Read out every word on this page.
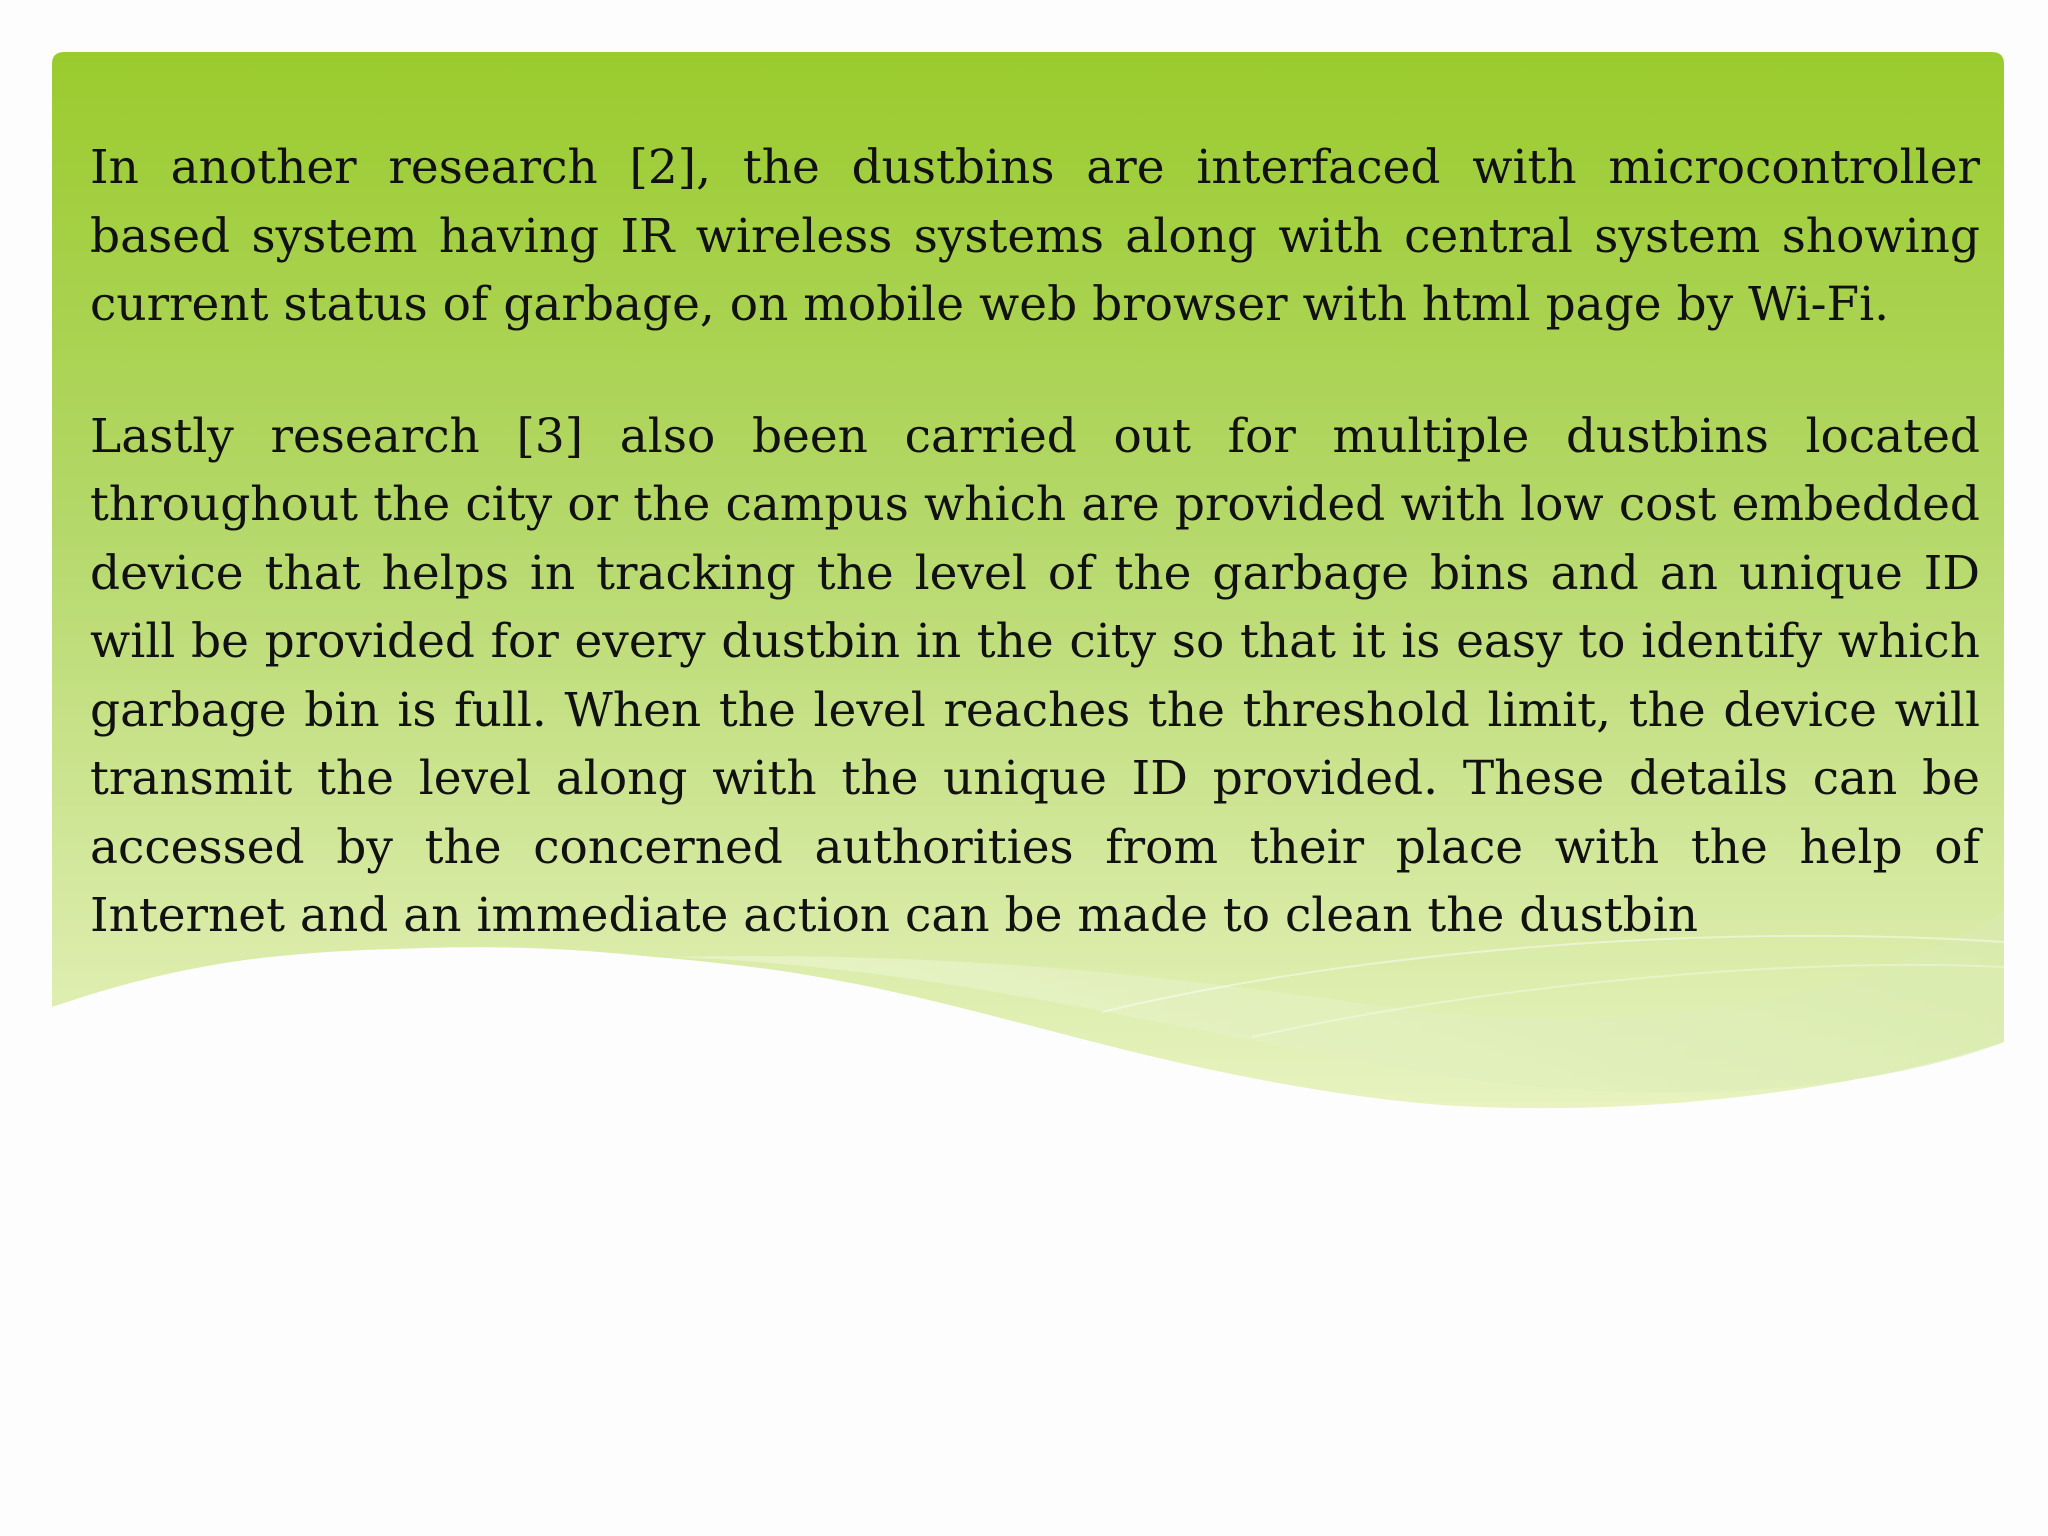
In another research [2], the dustbins are interfaced with microcontroller based system having IR wireless systems along with central system showing current status of garbage, on mobile web browser with html page by Wi-Fi.

Lastly research [3] also been carried out for multiple dustbins located throughout the city or the campus which are provided with low cost embedded device that helps in tracking the level of the garbage bins and an unique ID will be provided for every dustbin in the city so that it is easy to identify which garbage bin is full. When the level reaches the threshold limit, the device will transmit the level along with the unique ID provided. These details can be accessed by the concerned authorities from their place with the help of Internet and an immediate action can be made to clean the dustbin
